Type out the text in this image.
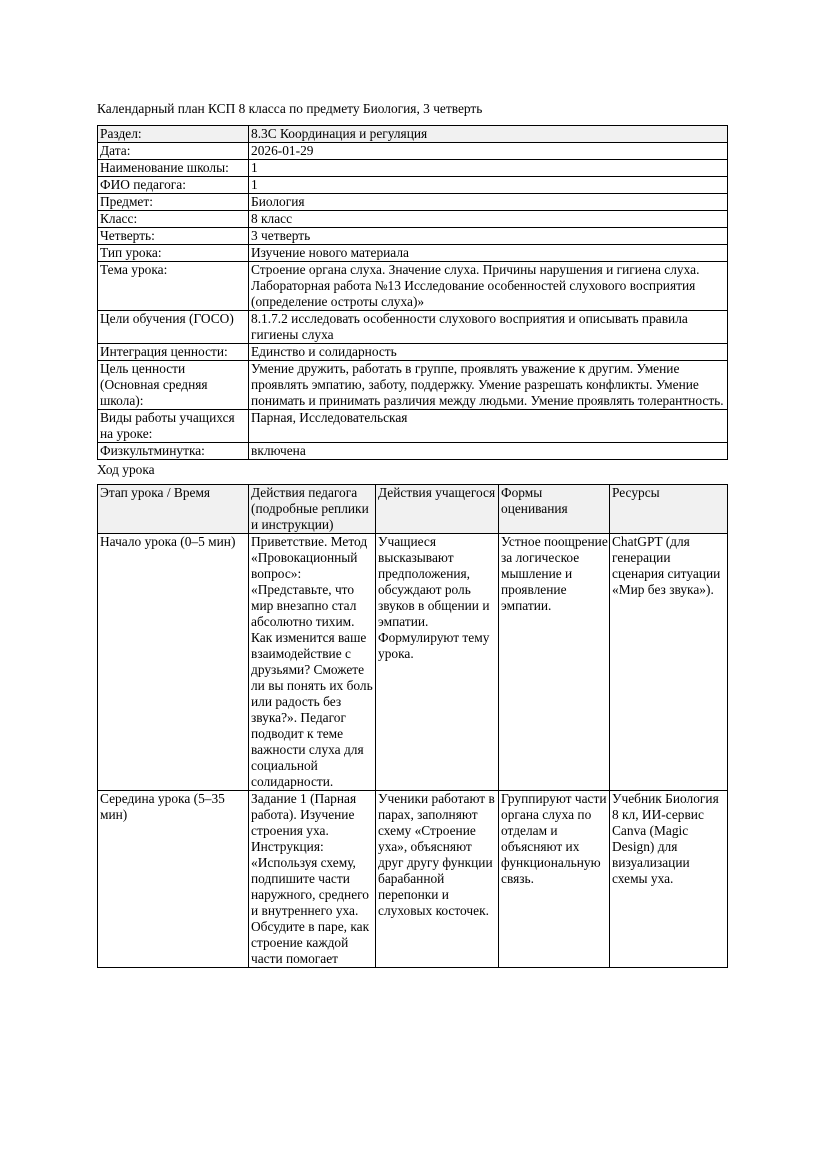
Календарный план КСП 8 класса по предмету Биология, 3 четверть
Раздел:	8.3С Координация и регуляция
Дата:	2026-01-29
Наименование школы:	1
ФИО педагога:	1
Предмет:	Биология
Класс:	8 класс
Четверть:	3 четверть
Тип урока:	Изучение нового материала
Тема урока:	Строение органа слуха. Значение слуха. Причины нарушения и гигиена слуха. Лабораторная работа №13 Исследование особенностей слухового восприятия (определение остроты слуха)»
Цели обучения (ГОСО)	8.1.7.2 исследовать особенности слухового восприятия и описывать правила гигиены слуха
Интеграция ценности:	Единство и солидарность
Цель ценности (Основная средняя школа):	Умение дружить, работать в группе, проявлять уважение к другим. Умение проявлять эмпатию, заботу, поддержку. Умение разрешать конфликты. Умение понимать и принимать различия между людьми. Умение проявлять толерантность.
Виды работы учащихся на уроке:	Парная, Исследовательская
Физкультминутка:	включена
Ход урока
Этап урока / Время	Действия педагога (подробные реплики и инструкции)	Действия учащегося	Формы оценивания	Ресурсы
Начало урока (0–5 мин)	Приветствие. Метод «Провокационный вопрос»: «Представьте, что мир внезапно стал абсолютно тихим. Как изменится ваше взаимодействие с друзьями? Сможете ли вы понять их боль или радость без звука?». Педагог подводит к теме важности слуха для социальной солидарности.	Учащиеся высказывают предположения, обсуждают роль звуков в общении и эмпатии. Формулируют тему урока.	Устное поощрение за логическое мышление и проявление эмпатии.	ChatGPT (для генерации сценария ситуации «Мир без звука»).
Середина урока (5–35 мин)	Задание 1 (Парная работа). Изучение строения уха. Инструкция: «Используя схему, подпишите части наружного, среднего и внутреннего уха. Обсудите в паре, как строение каждой части помогает	Ученики работают в парах, заполняют схему «Строение уха», объясняют друг другу функции барабанной перепонки и слуховых косточек.	Группируют части органа слуха по отделам и объясняют их функциональную связь.	Учебник Биология 8 кл, ИИ-сервис Canva (Magic Design) для визуализации схемы уха.
